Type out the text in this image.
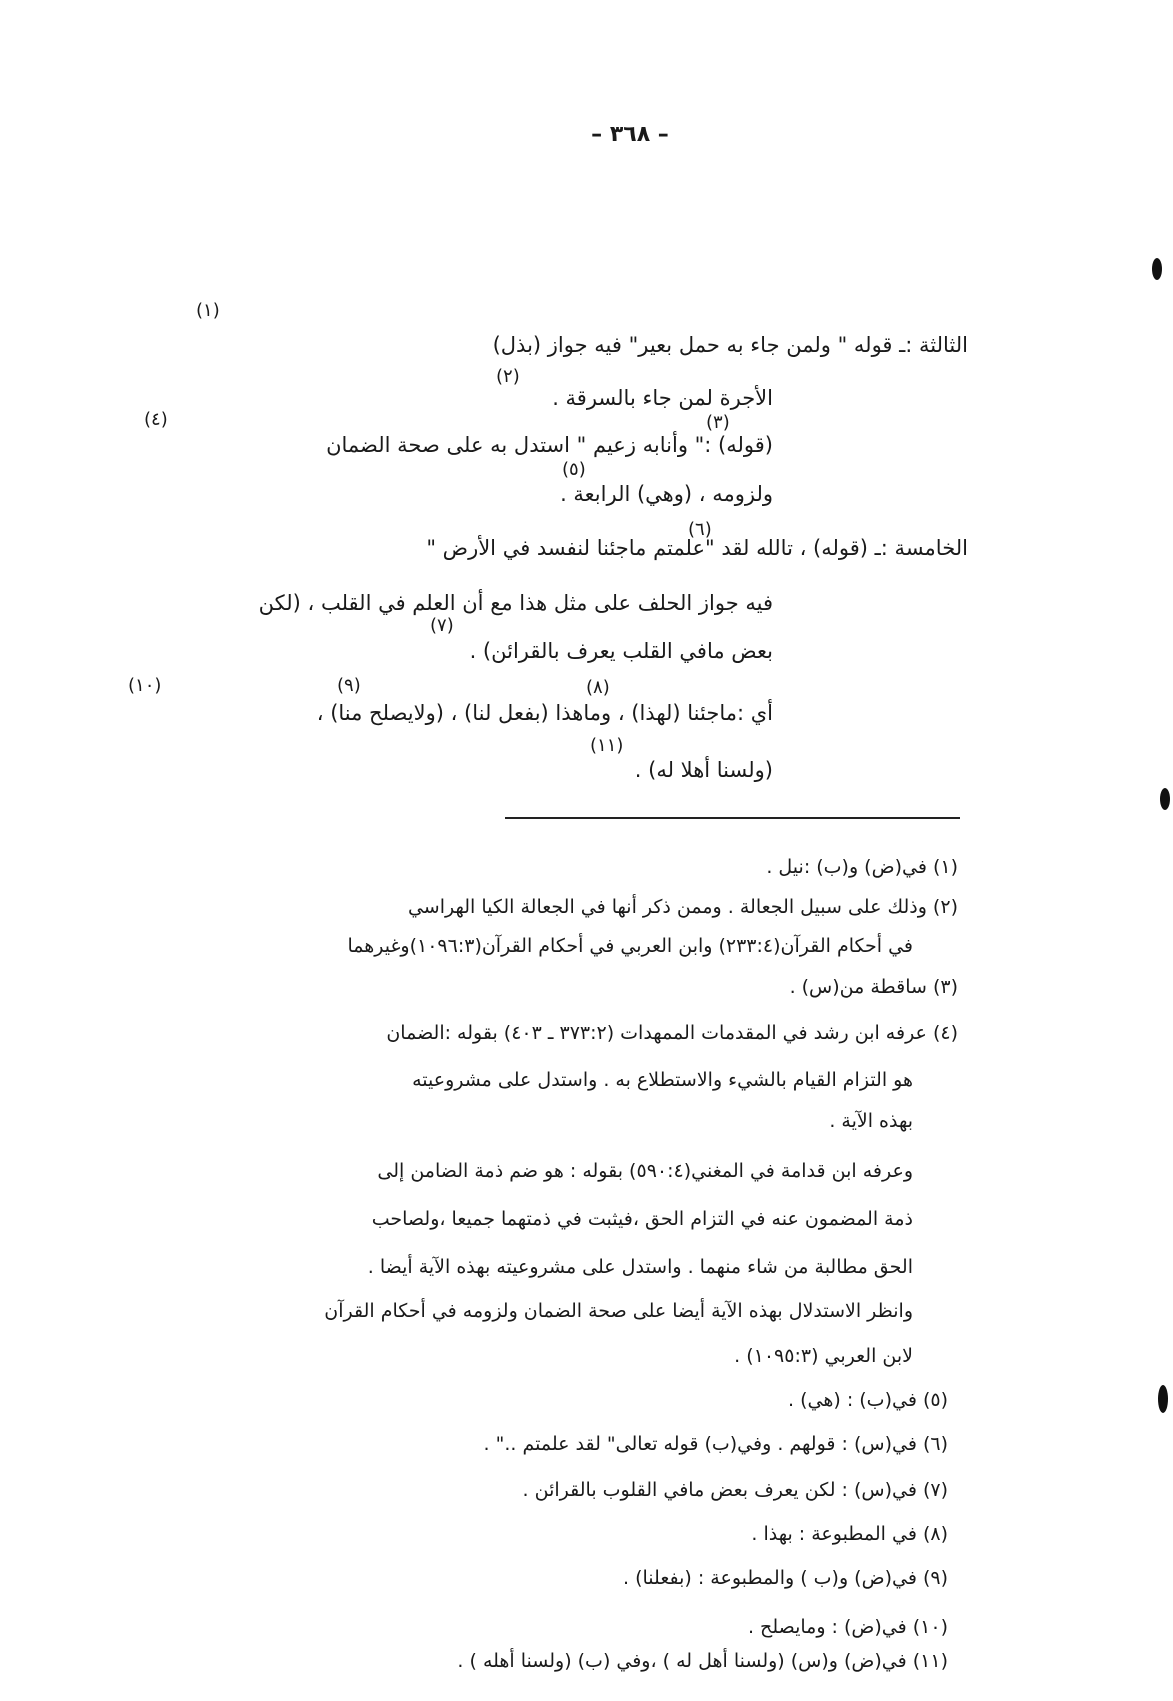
– ٣٦٨ –
الثالثة :ـ قوله " ولمن جاء به حمل بعير" فيه جواز (بذل)
الأجرة لمن جاء بالسرقة .
(قوله) :" وأنابه زعيم " استدل به على صحة الضمان
ولزومه ، (وهي) الرابعة .
الخامسة :ـ (قوله) ، تالله لقد "علمتم ماجئنا لنفسد في الأرض "
فيه جواز الحلف على مثل هذا مع أن العلم في القلب ، (لكن
بعض مافي القلب يعرف بالقرائن) .
أي :ماجئنا (لهذا) ، وماهذا (بفعل لنا) ، (ولايصلح منا) ،
(ولسنا أهلا له) .
(١)
(٢)
(٣)
(٤)
(٥)
(٦)
(٧)
(٨)
(٩)
(١٠)
(١١)
(١) في(ض) و(ب) :نيل .
(٢) وذلك على سبيل الجعالة . وممن ذكر أنها في الجعالة الكيا الهراسي
في أحكام القرآن(٢٣٣:٤) وابن العربي في أحكام القرآن(١٠٩٦:٣)وغيرهما
(٣) ساقطة من(س) .
(٤) عرفه ابن رشد في المقدمات الممهدات (٣٧٣:٢ ـ ٤٠٣) بقوله :الضمان
هو التزام القيام بالشيء والاستطلاع به . واستدل على مشروعيته
بهذه الآية .
وعرفه ابن قدامة في المغني(٥٩٠:٤) بقوله : هو ضم ذمة الضامن إلى
ذمة المضمون عنه في التزام الحق ،فيثبت في ذمتهما جميعا ،ولصاحب
الحق مطالبة من شاء منهما . واستدل على مشروعيته بهذه الآية أيضا .
وانظر الاستدلال بهذه الآية أيضا على صحة الضمان ولزومه في أحكام القرآن
لابن العربي (١٠٩٥:٣) .
(٥) في(ب) : (هي) .
(٦) في(س) : قولهم . وفي(ب) قوله تعالى" لقد علمتم .." .
(٧) في(س) : لكن يعرف بعض مافي القلوب بالقرائن .
(٨) في المطبوعة : بهذا .
(٩) في(ض) و(ب ) والمطبوعة : (بفعلنا) .
(١٠) في(ض) : ومايصلح .
(١١) في(ض) و(س) (ولسنا أهل له ) ،وفي (ب) (ولسنا أهله ) .
